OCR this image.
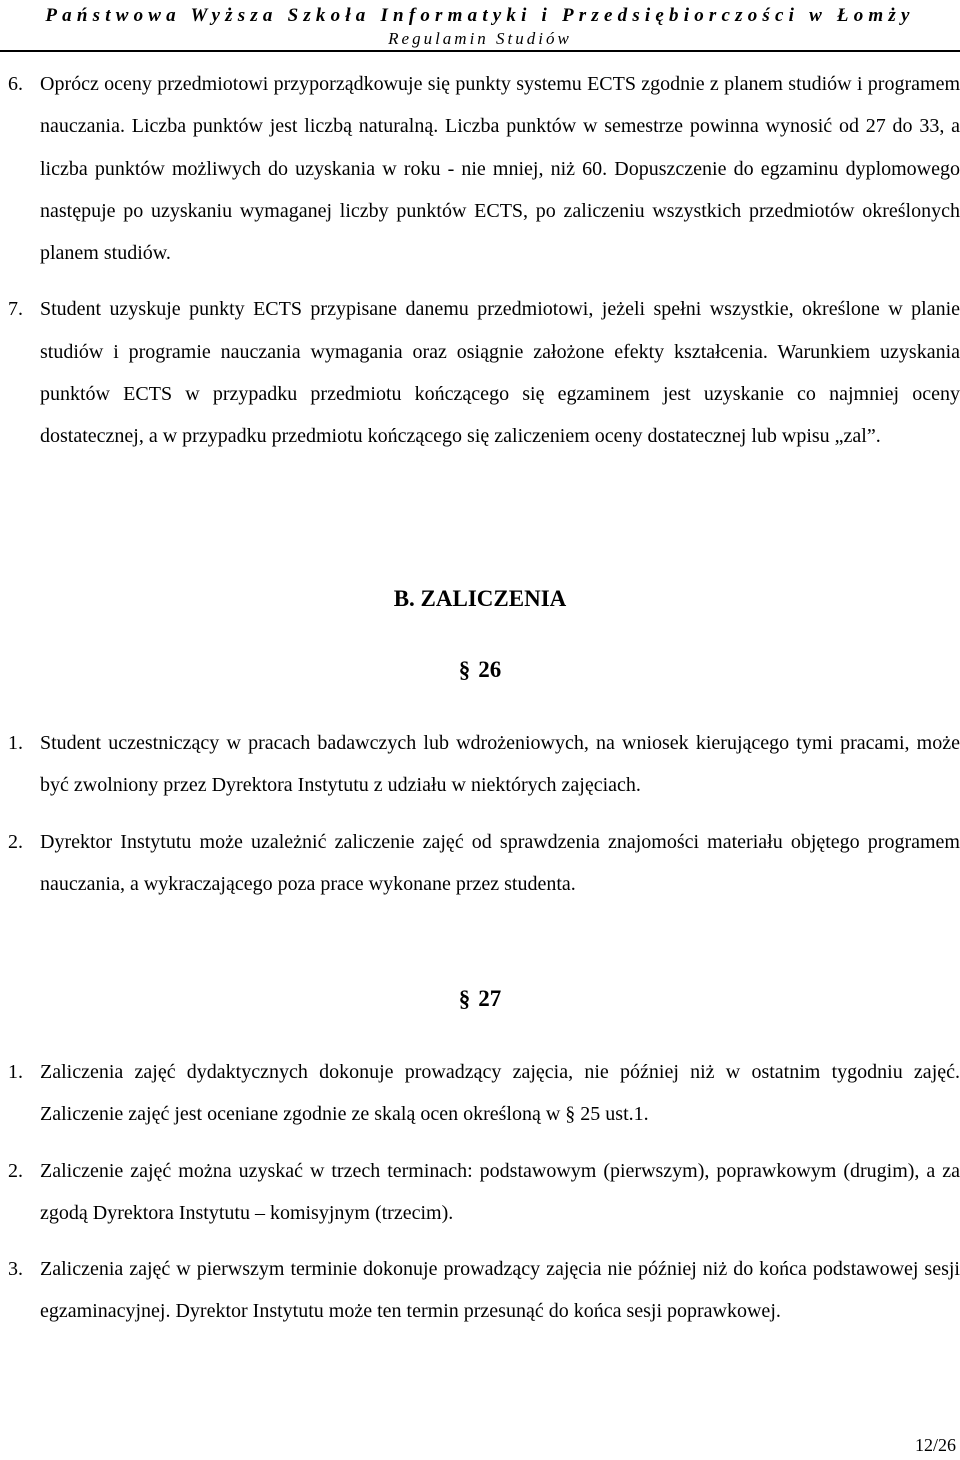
Państwowa Wyższa Szkoła Informatyki i Przedsiębiorczości w Łomży
Regulamin Studiów
6. Oprócz oceny przedmiotowi przyporządkowuje się punkty systemu ECTS zgodnie z planem studiów i programem nauczania. Liczba punktów jest liczbą naturalną. Liczba punktów w semestrze powinna wynosić od 27 do 33, a liczba punktów możliwych do uzyskania w roku - nie mniej, niż 60. Dopuszczenie do egzaminu dyplomowego następuje po uzyskaniu wymaganej liczby punktów ECTS, po zaliczeniu wszystkich przedmiotów określonych planem studiów.
7. Student uzyskuje punkty ECTS przypisane danemu przedmiotowi, jeżeli spełni wszystkie, określone w planie studiów i programie nauczania wymagania oraz osiągnie założone efekty kształcenia. Warunkiem uzyskania punktów ECTS w przypadku przedmiotu kończącego się egzaminem jest uzyskanie co najmniej oceny dostatecznej, a w przypadku przedmiotu kończącego się zaliczeniem oceny dostatecznej lub wpisu „zal”.
B. ZALICZENIA
§ 26
1. Student uczestniczący w pracach badawczych lub wdrożeniowych, na wniosek kierującego tymi pracami, może być zwolniony przez Dyrektora Instytutu z udziału w niektórych zajęciach.
2. Dyrektor Instytutu może uzależnić zaliczenie zajęć od sprawdzenia znajomości materiału objętego programem nauczania, a wykraczającego poza prace wykonane przez studenta.
§ 27
1. Zaliczenia zajęć dydaktycznych dokonuje prowadzący zajęcia, nie później niż w ostatnim tygodniu zajęć. Zaliczenie zajęć jest oceniane zgodnie ze skalą ocen określoną w § 25 ust.1.
2. Zaliczenie zajęć można uzyskać w trzech terminach: podstawowym (pierwszym), poprawkowym (drugim), a za zgodą Dyrektora Instytutu – komisyjnym (trzecim).
3. Zaliczenia zajęć w pierwszym terminie dokonuje prowadzący zajęcia nie później niż do końca podstawowej sesji egzaminacyjnej. Dyrektor Instytutu może ten termin przesunąć do końca sesji poprawkowej.
12/26
